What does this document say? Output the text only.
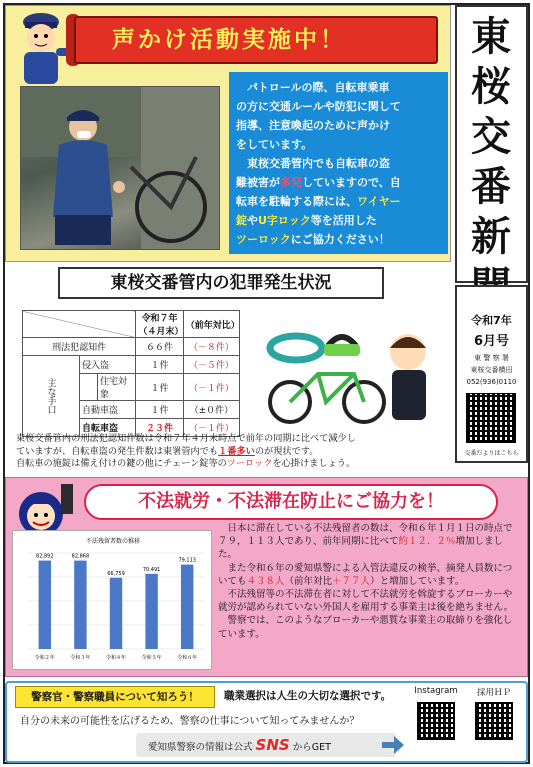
声かけ活動実施中！
パトロールの際、自転車乗車
の方に交通ルールや防犯に関して
指導、注意喚起のために声かけ
をしています。
東桜交番管内でも自転車の盗
難被害が多発していますので、自
転車を駐輪する際には、ワイヤー
錠やU字ロック等を活用した
ツーロックにご協力ください！
東
桜
交
番
新
令和7年
6月号
東 警 察 署
東桜交番横田
052(936)0110
交番だよりはこちら
東桜交番管内の犯罪発生状況
			令和７年
（４月末）	（前年対比）
刑法犯認知件			６６件	（－８件）
主な手口	侵入盗		１件	（－５件）
		住宅対象	１件	（－１件）
	自動車盗		１件	（±０件）
	自転車盗		２３件	（－１件）
東桜交番管内の刑法犯認知件数は令和７年４月末時点で前年の同期に比べて減少し
ていますが、自転車盗の発生件数は東署管内でも１番多いのが現状です。
自転車の施錠は備え付けの鍵の他にチェーン錠等のツーロックを心掛けましょう。
不法就労・不法滞在防止にご協力を！
不法残留者数の推移
82,892
令和２年
82,868
令和３年
66,759
令和４年
70,491
令和５年
79,113
令和６年
日本に滞在している不法残留者の数は、令和６年１月１日の時点で７９，１１３人であり、前年同期に比べて約１２．２％増加しました。
また令和６年の愛知県警による入管法違反の検挙、摘発人員数についても４３８人（前年対比＋７７人）と増加しています。
不法残留等の不法滞在者に対して不法就労を斡旋するブローカーや就労が認められていない外国人を雇用する事業主は後を絶ちません。
警察では、このようなブローカーや悪質な事業主の取締りを強化しています。
警察官・警察職員について知ろう！	職業選択は人生の大切な選択です。
自分の未来の可能性を広げるため、警察の仕事について知ってみませんか？
愛知県警察の情報は公式 SNS からGET
Instagram	採用ＨＰ
